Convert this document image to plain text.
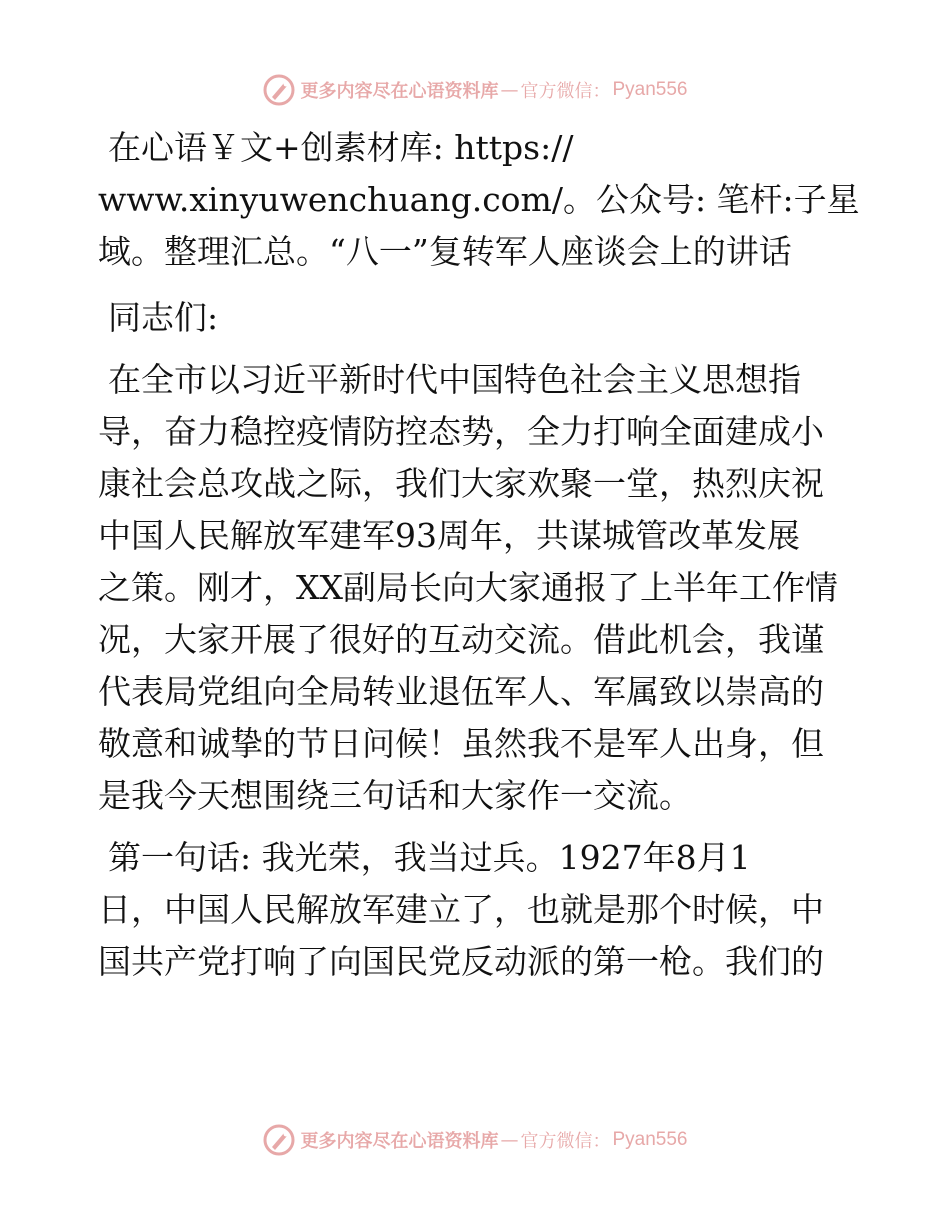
更多内容尽在心语资料库 — 官方微信： Pyan556
在心语￥文+创素材库: https://
www.xinyuwenchuang.com/。公众号: 笔杆:子星
域。整理汇总。“八一”复转军人座谈会上的讲话
同志们:
在全市以习近平新时代中国特色社会主义思想指
导，奋力稳控疫情防控态势，全力打响全面建成小
康社会总攻战之际，我们大家欢聚一堂，热烈庆祝
中国人民解放军建军93周年，共谋城管改革发展
之策。刚才，XX副局长向大家通报了上半年工作情
况，大家开展了很好的互动交流。借此机会，我谨
代表局党组向全局转业退伍军人、军属致以崇高的
敬意和诚挚的节日问候！虽然我不是军人出身，但
是我今天想围绕三句话和大家作一交流。
第一句话: 我光荣，我当过兵。1927年8月1
日，中国人民解放军建立了，也就是那个时候，中
国共产党打响了向国民党反动派的第一枪。我们的
更多内容尽在心语资料库 — 官方微信： Pyan556
